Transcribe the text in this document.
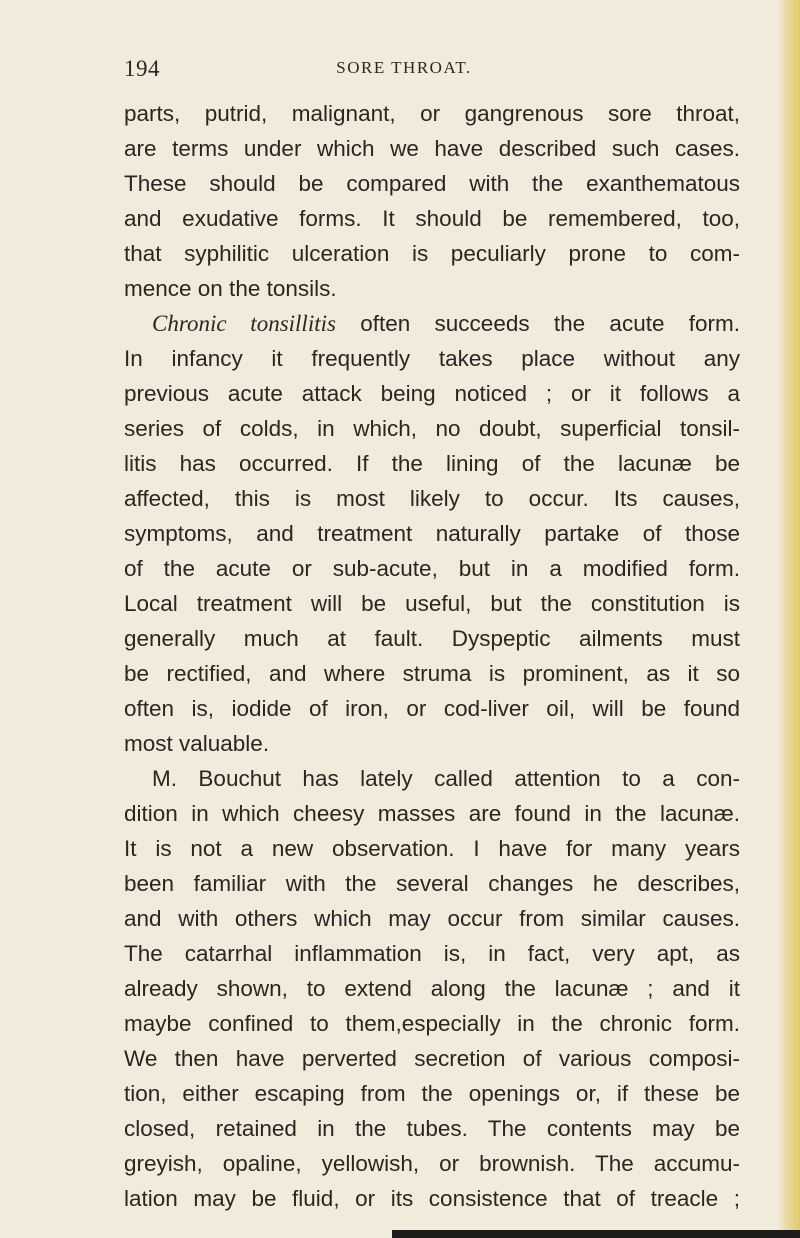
194	SORE THROAT.
parts, putrid, malignant, or gangrenous sore throat,
are terms under which we have described such cases.
These should be compared with the exanthematous
and exudative forms. It should be remembered, too,
that syphilitic ulceration is peculiarly prone to com-
mence on the tonsils.
Chronic tonsillitis often succeeds the acute form.
In infancy it frequently takes place without any
previous acute attack being noticed ; or it follows a
series of colds, in which, no doubt, superficial tonsil-
litis has occurred. If the lining of the lacunæ be
affected, this is most likely to occur. Its causes,
symptoms, and treatment naturally partake of those
of the acute or sub-acute, but in a modified form.
Local treatment will be useful, but the constitution is
generally much at fault. Dyspeptic ailments must
be rectified, and where struma is prominent, as it so
often is, iodide of iron, or cod-liver oil, will be found
most valuable.
M. Bouchut has lately called attention to a con-
dition in which cheesy masses are found in the lacunæ.
It is not a new observation. I have for many years
been familiar with the several changes he describes,
and with others which may occur from similar causes.
The catarrhal inflammation is, in fact, very apt, as
already shown, to extend along the lacunæ ; and it
maybe confined to them,especially in the chronic form.
We then have perverted secretion of various composi-
tion, either escaping from the openings or, if these be
closed, retained in the tubes. The contents may be
greyish, opaline, yellowish, or brownish. The accumu-
lation may be fluid, or its consistence that of treacle ;
